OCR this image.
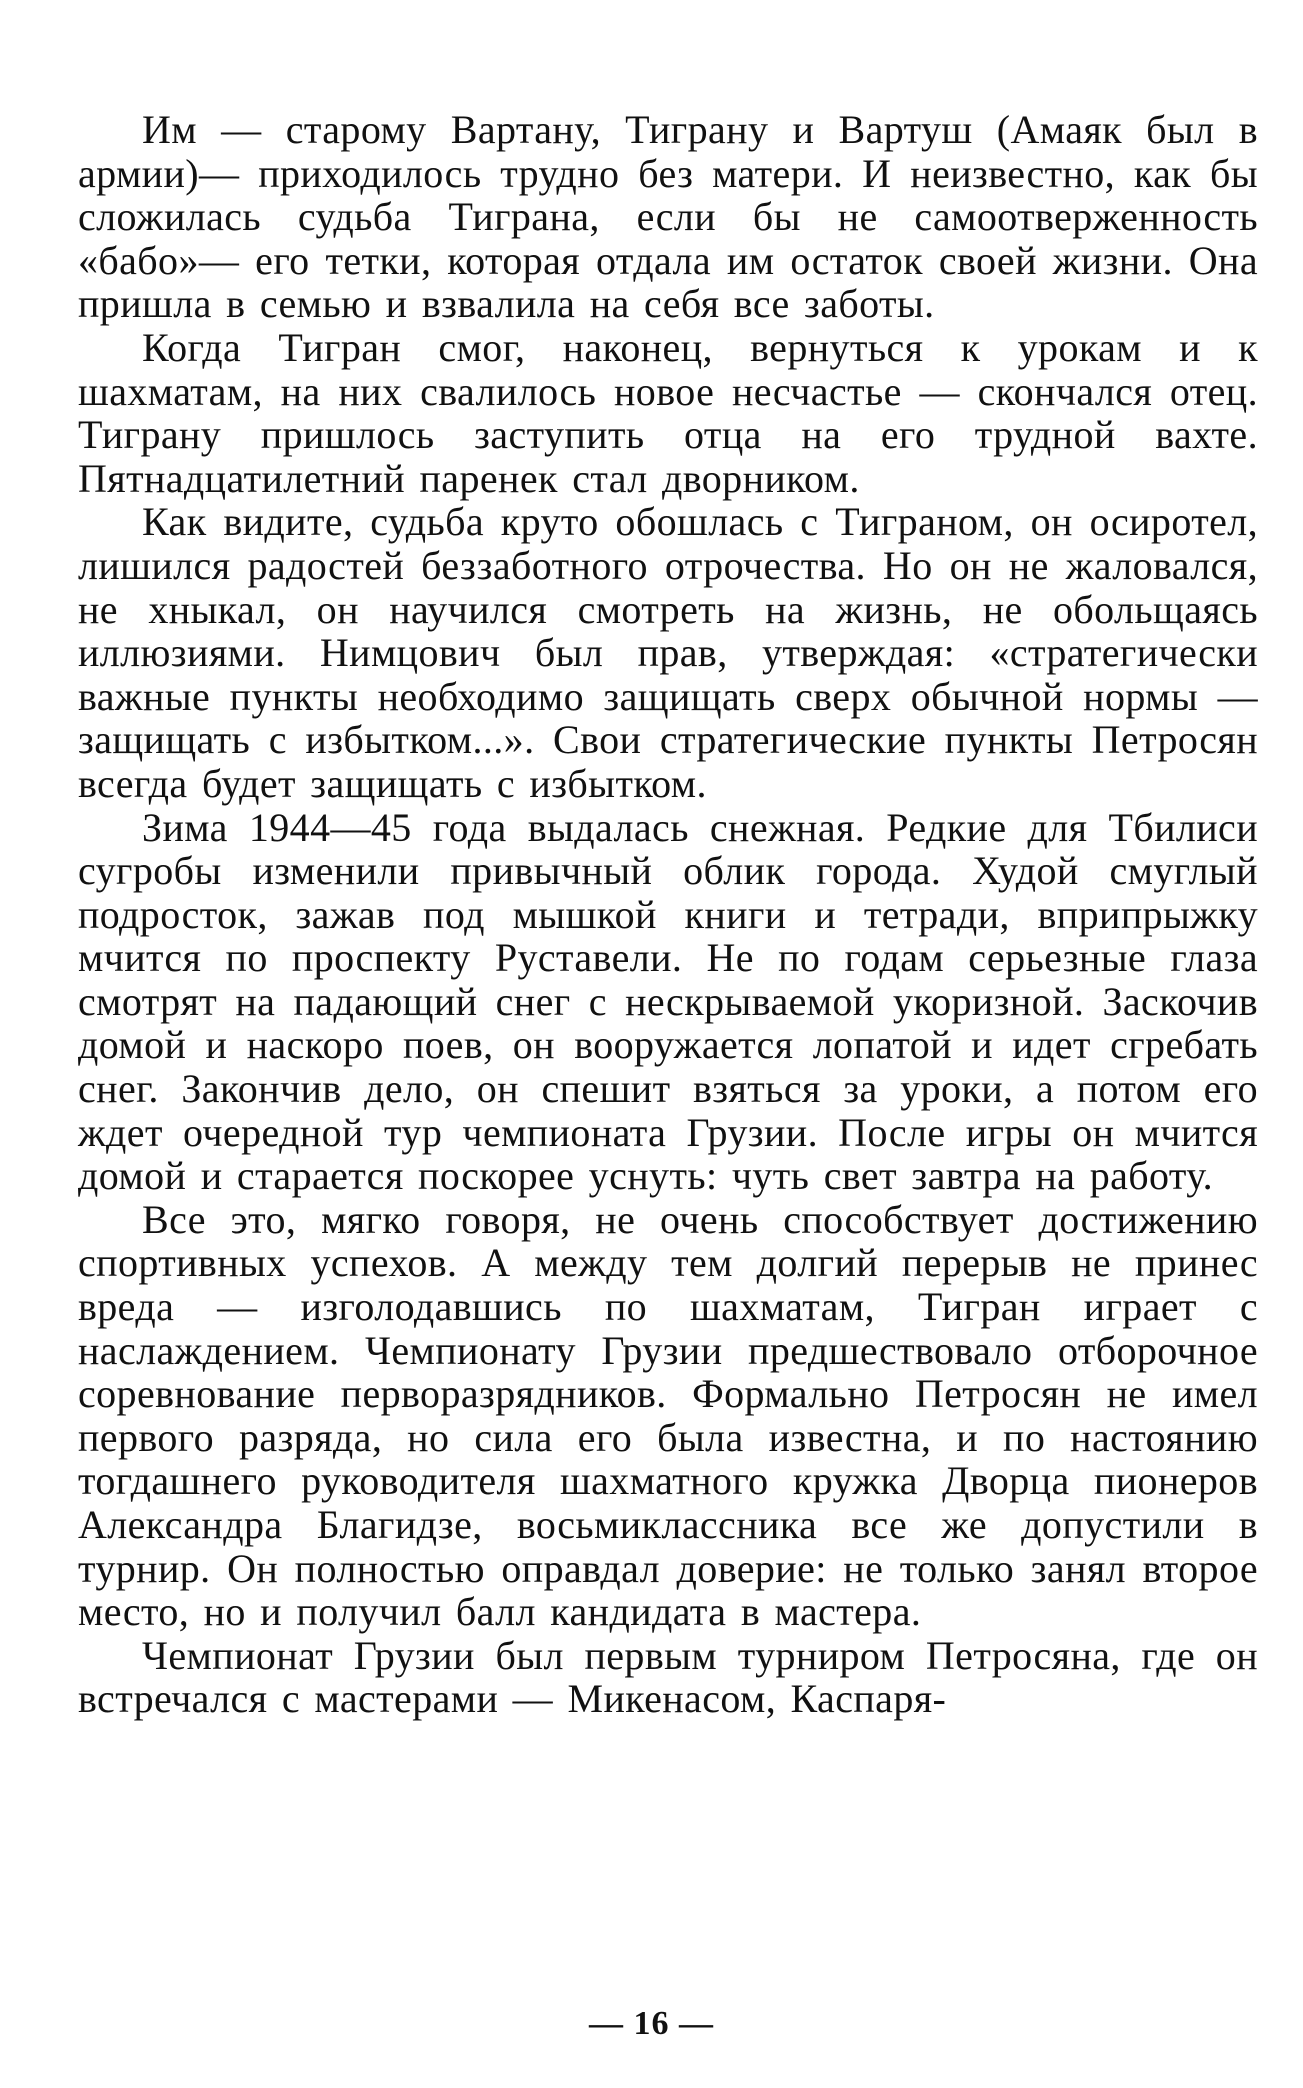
Им — старому Вартану, Тиграну и Вартуш (Амаяк был в армии)— приходилось трудно без матери. И неизвестно, как бы сложилась судьба Тиграна, если бы не самоотверженность «бабо»— его тетки, которая отдала им остаток своей жизни. Она пришла в семью и взвалила на себя все заботы.

Когда Тигран смог, наконец, вернуться к урокам и к шахматам, на них свалилось новое несчастье — скончался отец. Тиграну пришлось заступить отца на его трудной вахте. Пятнадцатилетний паренек стал дворником.

Как видите, судьба круто обошлась с Тиграном, он осиротел, лишился радостей беззаботного отрочества. Но он не жаловался, не хныкал, он научился смотреть на жизнь, не обольщаясь иллюзиями. Нимцович был прав, утверждая: «стратегически важные пункты необходимо защищать сверх обычной нормы — защищать с избытком...». Свои стратегические пункты Петросян всегда будет защищать с избытком.

Зима 1944—45 года выдалась снежная. Редкие для Тбилиси сугробы изменили привычный облик города. Худой смуглый подросток, зажав под мышкой книги и тетради, вприпрыжку мчится по проспекту Руставели. Не по годам серьезные глаза смотрят на падающий снег с нескрываемой укоризной. Заскочив домой и наскоро поев, он вооружается лопатой и идет сгребать снег. Закончив дело, он спешит взяться за уроки, а потом его ждет очередной тур чемпионата Грузии. После игры он мчится домой и старается поскорее уснуть: чуть свет завтра на работу.

Все это, мягко говоря, не очень способствует достижению спортивных успехов. А между тем долгий перерыв не принес вреда — изголодавшись по шахматам, Тигран играет с наслаждением. Чемпионату Грузии предшествовало отборочное соревнование перворазрядников. Формально Петросян не имел первого разряда, но сила его была известна, и по настоянию тогдашнего руководителя шахматного кружка Дворца пионеров Александра Благидзе, восьмиклассника все же допустили в турнир. Он полностью оправдал доверие: не только занял второе место, но и получил балл кандидата в мастера.

Чемпионат Грузии был первым турниром Петросяна, где он встречался с мастерами — Микенасом, Каспаря-

— 16 —
